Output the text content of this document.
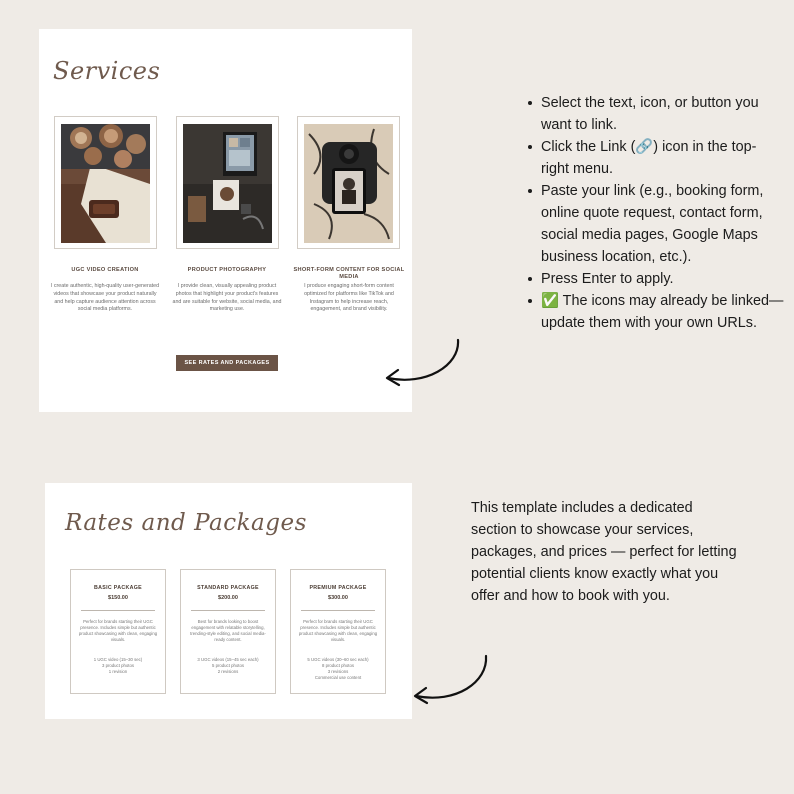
Services
UGC VIDEO CREATION

I create authentic, high-quality user-generated videos that showcase your product naturally and help capture audience attention across social media platforms.

PRODUCT PHOTOGRAPHY

I provide clean, visually appealing product photos that highlight your product's features and are suitable for website, social media, and marketing use.

SHORT-FORM CONTENT FOR SOCIAL MEDIA

I produce engaging short-form content optimized for platforms like TikTok and Instagram to help increase reach, engagement, and brand visibility.

SEE RATES AND PACKAGES
Rates and Packages
BASIC PACKAGE
$150.00
Perfect for brands starting their UGC presence. Includes simple but authentic product showcasing with clean, engaging visuals.
1 UGC video (15–30 sec)
3 product photos
1 revision
STANDARD PACKAGE
$200.00
Best for brands looking to boost engagement with relatable storytelling, trending-style editing, and social media-ready content.
3 UGC videos (15–45 sec each)
5 product photos
2 revisions
PREMIUM PACKAGE
$300.00
Perfect for brands starting their UGC presence. Includes simple but authentic product showcasing with clean, engaging visuals.
5 UGC videos (30–60 sec each)
8 product photos
3 revisions
Commercial use content
Select the text, icon, or button you want to link.
Click the Link (🔗) icon in the top-right menu.
Paste your link (e.g., booking form, online quote request, contact form, social media pages, Google Maps business location, etc.).
Press Enter to apply.
✅ The icons may already be linked—update them with your own URLs.

This template includes a dedicated section to showcase your services, packages, and prices — perfect for letting potential clients know exactly what you offer and how to book with you.
